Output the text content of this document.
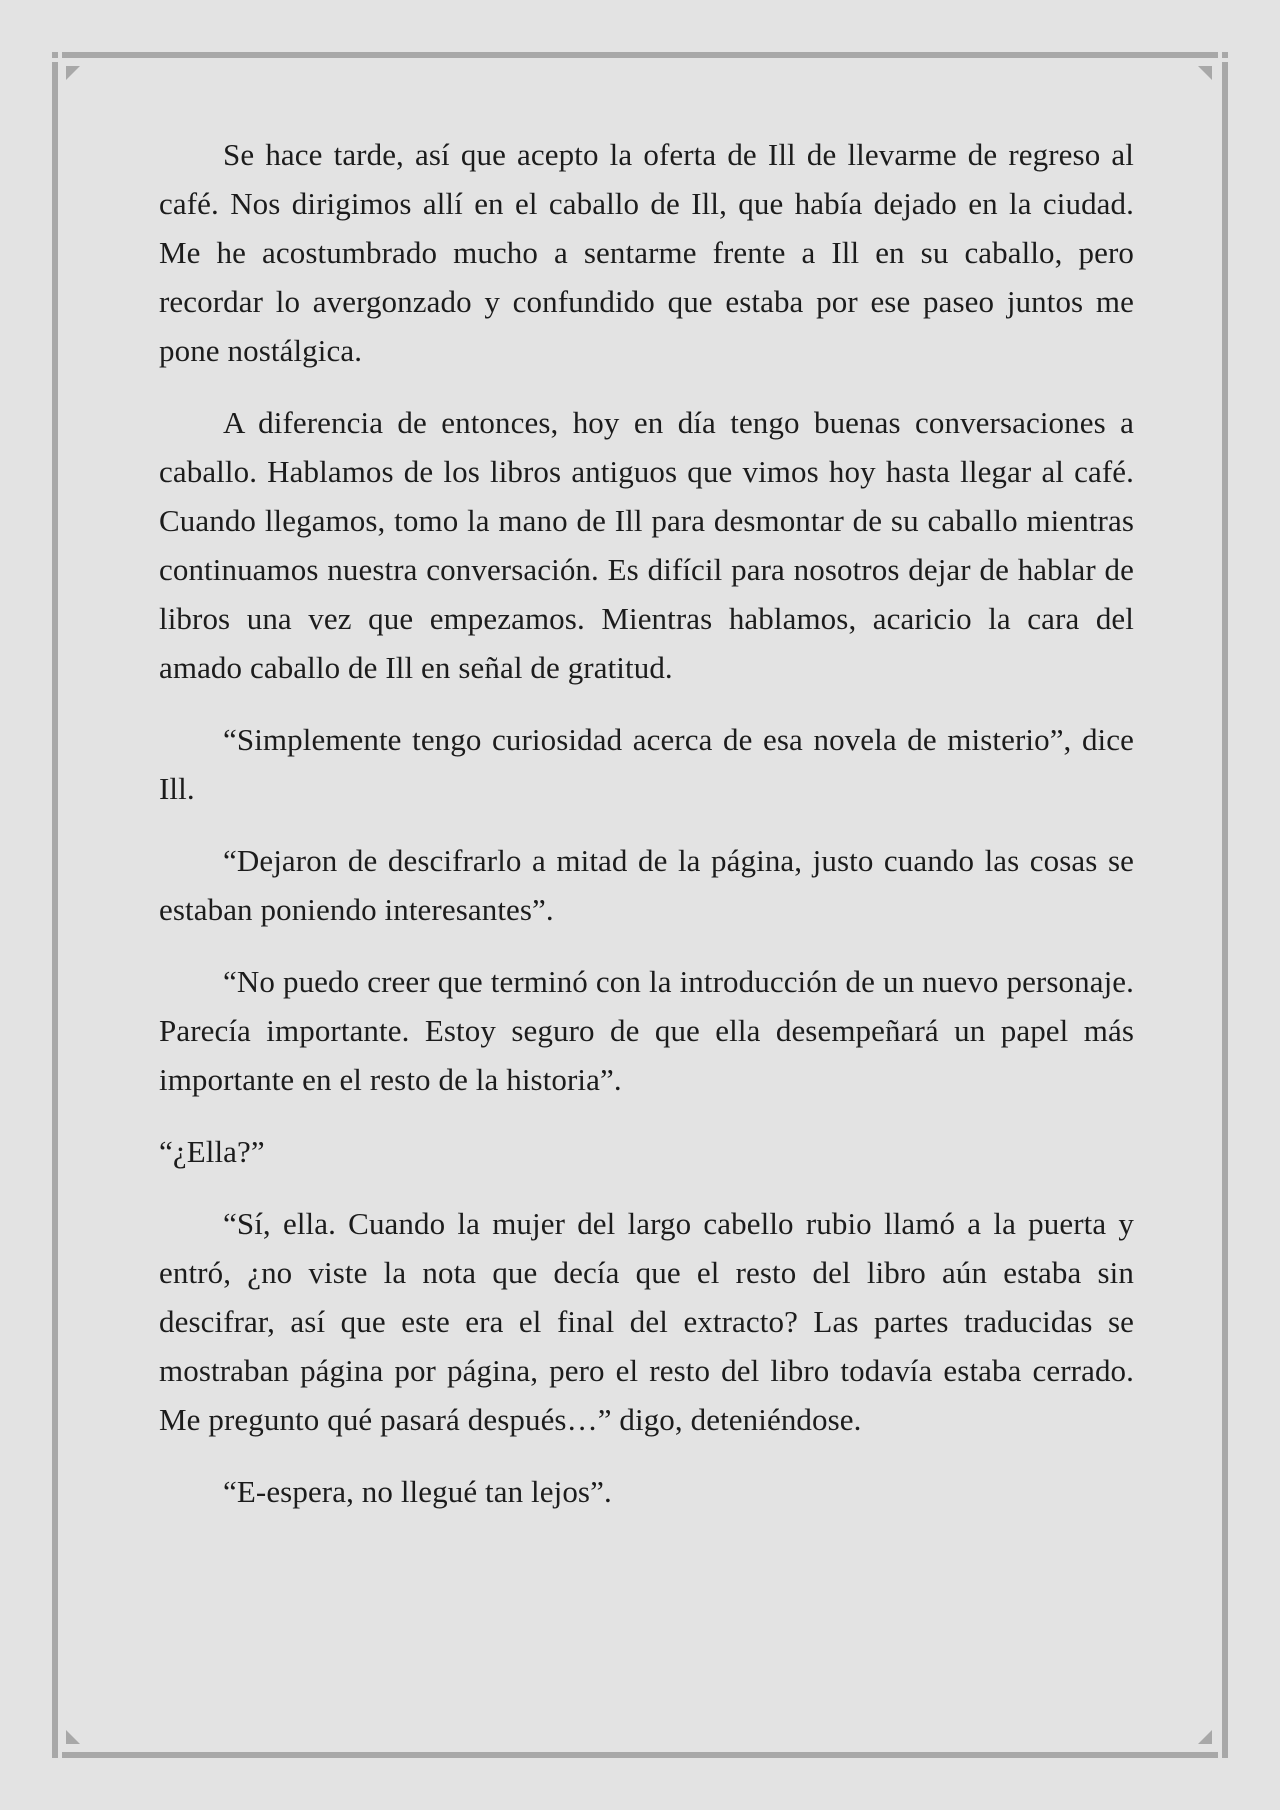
Se hace tarde, así que acepto la oferta de Ill de llevarme de regreso al café. Nos dirigimos allí en el caballo de Ill, que había dejado en la ciudad. Me he acostumbrado mucho a sentarme frente a Ill en su caballo, pero recordar lo avergonzado y confundido que estaba por ese paseo juntos me pone nostálgica.

A diferencia de entonces, hoy en día tengo buenas conversaciones a caballo. Hablamos de los libros antiguos que vimos hoy hasta llegar al café. Cuando llegamos, tomo la mano de Ill para desmontar de su caballo mientras continuamos nuestra conversación. Es difícil para nosotros dejar de hablar de libros una vez que empezamos. Mientras hablamos, acaricio la cara del amado caballo de Ill en señal de gratitud.

“Simplemente tengo curiosidad acerca de esa novela de misterio”, dice Ill.

“Dejaron de descifrarlo a mitad de la página, justo cuando las cosas se estaban poniendo interesantes”.

“No puedo creer que terminó con la introducción de un nuevo personaje. Parecía importante. Estoy seguro de que ella desempeñará un papel más importante en el resto de la historia”.

“¿Ella?”

“Sí, ella. Cuando la mujer del largo cabello rubio llamó a la puerta y entró, ¿no viste la nota que decía que el resto del libro aún estaba sin descifrar, así que este era el final del extracto? Las partes traducidas se mostraban página por página, pero el resto del libro todavía estaba cerrado. Me pregunto qué pasará después…” digo, deteniéndose.

“E-espera, no llegué tan lejos”.
